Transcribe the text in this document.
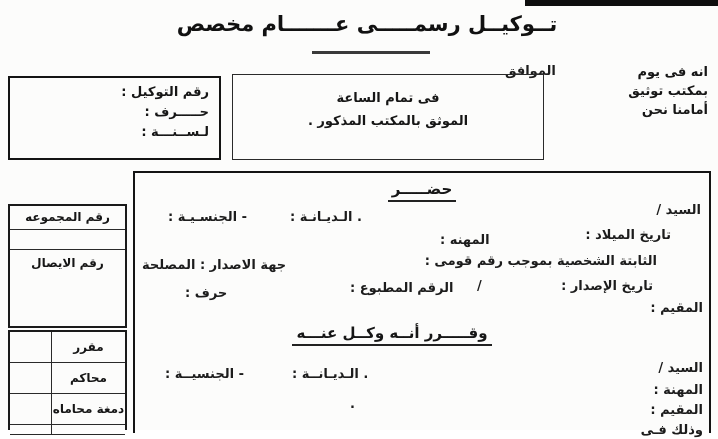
تــوكيــل رسمـــــى عـــــــام مخصص
انه فى يوم
بمكتب توثيق
أمامنا نحن
الموافق
فى تمام الساعة
الموثق بالمكتب المذكور .
رقم التوكيل :
حـــــرف :
لـســنـــة :
حضـــــر
السيد /
. الـديـانـة :
- الجنسـيـة :
تاريخ الميلاد :
المهنه :
الثابتة الشخصية بموجب رقم قومى :
جهة الاصدار : المصلحة
تاريخ الإصدار :
/
الرقم المطبوع :
حرف :
المقيم :
وقـــــرر أنــه وكــل عنـــه
السيد /
. الـديـانــة :
- الجنسيــة :
المهنة :
.	المقيم :
وذلك فـى
رقم المجموعه
رقم الايصال
مقرر
محاكم
دمغة محاماه
